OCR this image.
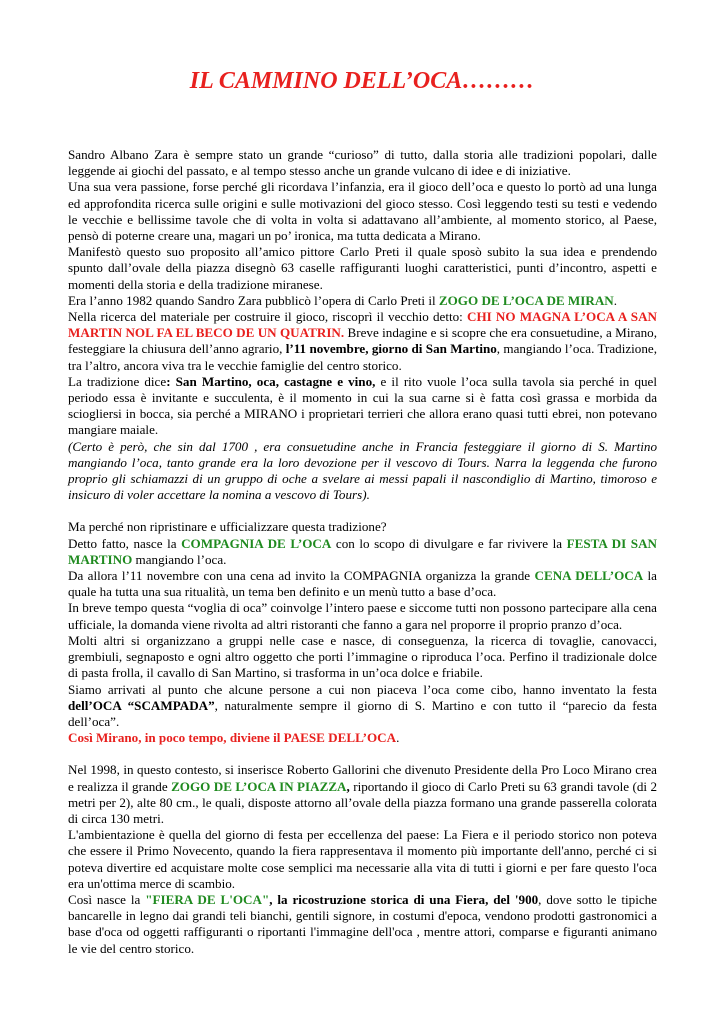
IL CAMMINO DELL’OCA………

Sandro Albano Zara è sempre stato un grande “curioso” di tutto, dalla storia alle tradizioni popolari, dalle leggende ai giochi del passato, e al tempo stesso anche un grande vulcano di idee e di iniziative.

Una sua vera passione, forse perché gli ricordava l’infanzia, era il gioco dell’oca e questo lo portò ad una lunga ed approfondita ricerca sulle origini e sulle motivazioni del gioco stesso. Così leggendo testi su testi e vedendo le vecchie e bellissime tavole che di volta in volta si adattavano all’ambiente, al momento storico, al Paese, pensò di poterne creare una, magari un po’ ironica, ma tutta dedicata a Mirano.

Manifestò questo suo proposito all’amico pittore Carlo Preti il quale sposò subito la sua idea e prendendo spunto dall’ovale della piazza disegnò 63 caselle raffiguranti luoghi caratteristici, punti d’incontro, aspetti e momenti della storia e della tradizione miranese.

Era l’anno 1982 quando Sandro Zara pubblicò l’opera di Carlo Preti il ZOGO DE L’OCA DE MIRAN.

Nella ricerca del materiale per costruire il gioco, riscoprì il vecchio detto: CHI NO MAGNA L’OCA A SAN MARTIN NOL FA EL BECO DE UN QUATRIN. Breve indagine e si scopre che era consuetudine, a Mirano, festeggiare la chiusura dell’anno agrario, l’11 novembre, giorno di San Martino, mangiando l’oca. Tradizione, tra l’altro, ancora viva tra le vecchie famiglie del centro storico.

La tradizione dice: San Martino, oca, castagne e vino, e il rito vuole l’oca sulla tavola sia perché in quel periodo essa è invitante e succulenta, è il momento in cui la sua carne si è fatta così grassa e morbida da sciogliersi in bocca, sia perché a MIRANO i proprietari terrieri che allora erano quasi tutti ebrei, non potevano mangiare maiale.

(Certo è però, che sin dal 1700 , era consuetudine anche in Francia festeggiare il giorno di S. Martino mangiando l’oca, tanto grande era la loro devozione per il vescovo di Tours. Narra la leggenda che furono proprio gli schiamazzi di un gruppo di oche a svelare ai messi papali il nascondiglio di Martino, timoroso e insicuro di voler accettare la nomina a vescovo di Tours).

Ma perché non ripristinare e ufficializzare questa tradizione?

Detto fatto, nasce la COMPAGNIA DE L’OCA con lo scopo di divulgare e far rivivere la FESTA DI SAN MARTINO mangiando l’oca.

Da allora l’11 novembre con una cena ad invito la COMPAGNIA organizza la grande CENA DELL’OCA la quale ha tutta una sua ritualità, un tema ben definito e un menù tutto a base d’oca.

In breve tempo questa “voglia di oca” coinvolge l’intero paese e siccome tutti non possono partecipare alla cena ufficiale, la domanda viene rivolta ad altri ristoranti che fanno a gara nel proporre il proprio pranzo d’oca.

Molti altri si organizzano a gruppi nelle case e nasce, di conseguenza, la ricerca di tovaglie, canovacci, grembiuli, segnaposto e ogni altro oggetto che porti l’immagine o riproduca l’oca. Perfino il tradizionale dolce di pasta frolla, il cavallo di San Martino, si trasforma in un’oca dolce e friabile.

Siamo arrivati al punto che alcune persone a cui non piaceva l’oca come cibo, hanno inventato la festa dell’OCA “SCAMPADA”, naturalmente sempre il giorno di S. Martino e con tutto il “parecio da festa dell’oca”.

Così Mirano, in poco tempo, diviene il PAESE DELL’OCA.

Nel 1998, in questo contesto, si inserisce Roberto Gallorini che divenuto Presidente della Pro Loco Mirano crea e realizza il grande ZOGO DE L’OCA IN PIAZZA, riportando il gioco di Carlo Preti su 63 grandi tavole (di 2 metri per 2), alte 80 cm., le quali, disposte attorno all’ovale della piazza formano una grande passerella colorata di circa 130 metri.

L'ambientazione è quella del giorno di festa per eccellenza del paese: La Fiera e il periodo storico non poteva che essere il Primo Novecento, quando la fiera rappresentava il momento più importante dell'anno, perché ci si poteva divertire ed acquistare molte cose semplici ma necessarie alla vita di tutti i giorni e per fare questo l'oca era un'ottima merce di scambio.

Così nasce la "FIERA DE L'OCA", la ricostruzione storica di una Fiera, del '900, dove sotto le tipiche bancarelle in legno dai grandi teli bianchi, gentili signore, in costumi d'epoca, vendono prodotti gastronomici a base d'oca od oggetti raffiguranti o riportanti l'immagine dell'oca , mentre attori, comparse e figuranti animano le vie del centro storico.
